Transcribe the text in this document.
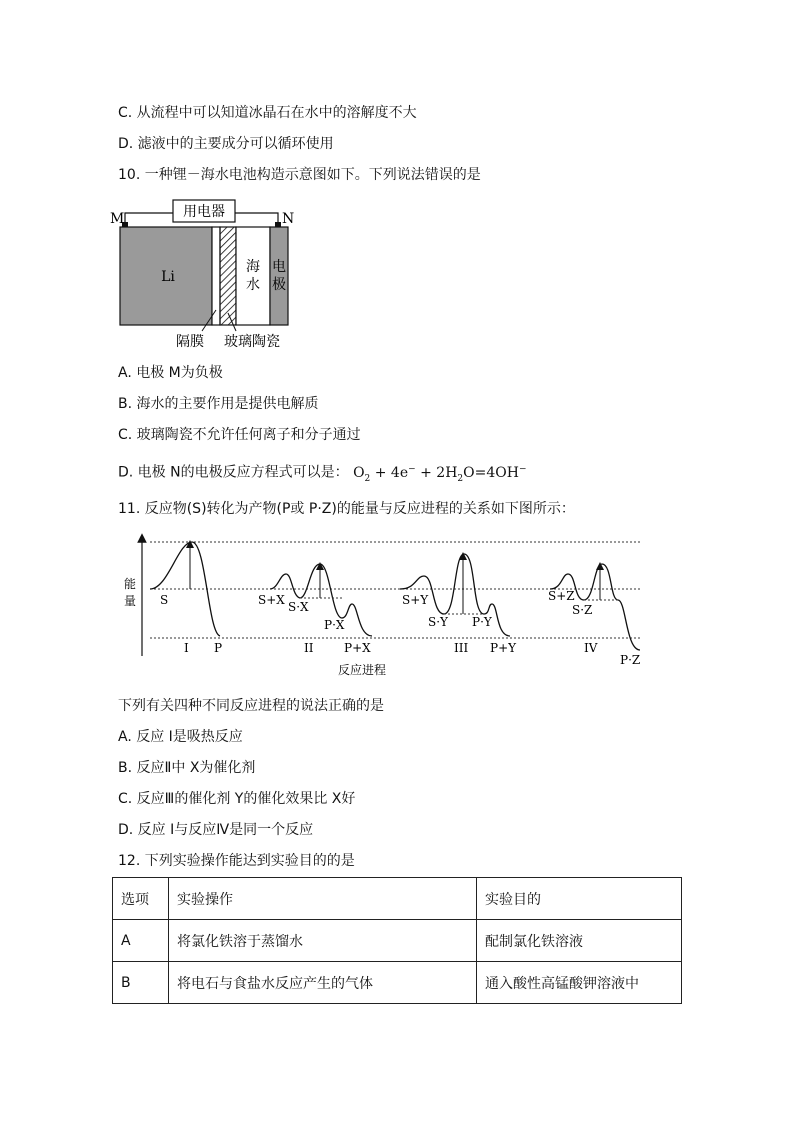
C. 从流程中可以知道冰晶石在水中的溶解度不大
D. 滤液中的主要成分可以循环使用
10. 一种锂－海水电池构造示意图如下。下列说法错误的是
用电器
M	N
Li
海
水
电
极
隔膜 玻璃陶瓷
A. 电极 M为负极
B. 海水的主要作用是提供电解质
C. 玻璃陶瓷不允许任何离子和分子通过
D. 电极 N的电极反应方程式可以是： $O_2 + 4e^- + 2H_2O=4OH^-$
11. 反应物(S)转化为产物(P或 P·Z)的能量与反应进程的关系如下图所示：
能
量 S
I P
S+X S·X
P·X
P+X
II
S+Y
S·Y P·Y
P+Y
III
S+Z
S·Z
P·Z
IV
反应进程
下列有关四种不同反应进程的说法正确的是
A. 反应 I是吸热反应
B. 反应Ⅱ中 X为催化剂
C. 反应Ⅲ的催化剂 Y的催化效果比 X好
D. 反应 I与反应Ⅳ是同一个反应
12. 下列实验操作能达到实验目的的是
选项	实验操作	实验目的
A	将氯化铁溶于蒸馏水	配制氯化铁溶液
B	将电石与食盐水反应产生的气体	通入酸性高锰酸钾溶液中
